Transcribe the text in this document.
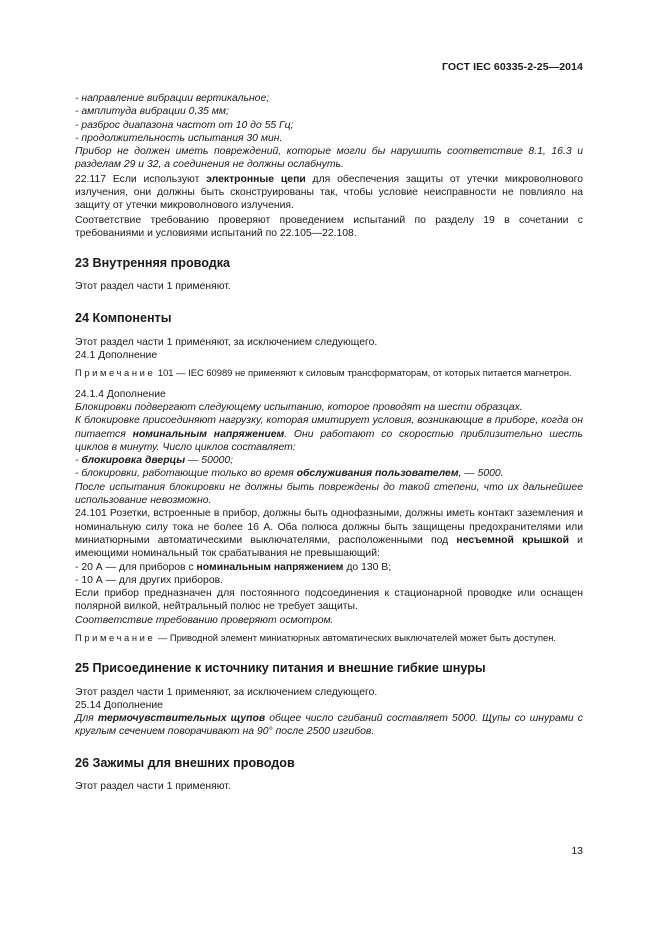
ГОСТ IEC 60335-2-25—2014

- направление вибрации вертикальное;

- амплитуда вибрации 0,35 мм;

- разброс диапазона частот от 10 до 55 Гц;

- продолжительность испытания 30 мин.

Прибор не должен иметь повреждений, которые могли бы нарушить соответствие 8.1, 16.3 и разделам 29 и 32, а соединения не должны ослабнуть.

22.117 Если используют электронные цепи для обеспечения защиты от утечки микроволнового излучения, они должны быть сконструированы так, чтобы условие неисправности не повлияло на защиту от утечки микроволнового излучения.

Соответствие требованию проверяют проведением испытаний по разделу 19 в сочетании с требованиями и условиями испытаний по 22.105—22.108.

23 Внутренняя проводка

Этот раздел части 1 применяют.

24 Компоненты

Этот раздел части 1 применяют, за исключением следующего.

24.1 Дополнение

Примечание 101 — IEC 60989 не применяют к силовым трансформаторам, от которых питается магнетрон.

24.1.4 Дополнение

Блокировки подвергают следующему испытанию, которое проводят на шести образцах.

К блокировке присоединяют нагрузку, которая имитирует условия, возникающие в приборе, когда он питается номинальным напряжением. Они работают со скоростью приблизительно шесть циклов в минуту. Число циклов составляет:

- блокировка дверцы — 50000;

- блокировки, работающие только во время обслуживания пользователем, — 5000.

После испытания блокировки не должны быть повреждены до такой степени, что их дальнейшее использование невозможно.

24.101 Розетки, встроенные в прибор, должны быть однофазными, должны иметь контакт заземления и номинальную силу тока не более 16 А. Оба полюса должны быть защищены предохранителями или миниатюрными автоматическими выключателями, расположенными под несъемной крышкой и имеющими номинальный ток срабатывания не превышающий:

- 20 А — для приборов с номинальным напряжением до 130 В;

- 10 А — для других приборов.

Если прибор предназначен для постоянного подсоединения к стационарной проводке или оснащен полярной вилкой, нейтральный полюс не требует защиты.

Соответствие требованию проверяют осмотром.

Примечание — Приводной элемент миниатюрных автоматических выключателей может быть доступен.

25 Присоединение к источнику питания и внешние гибкие шнуры

Этот раздел части 1 применяют, за исключением следующего.

25.14 Дополнение

Для термочувствительных щупов общее число сгибаний составляет 5000. Щупы со шнурами с круглым сечением поворачивают на 90° после 2500 изгибов.

26 Зажимы для внешних проводов

Этот раздел части 1 применяют.

13
